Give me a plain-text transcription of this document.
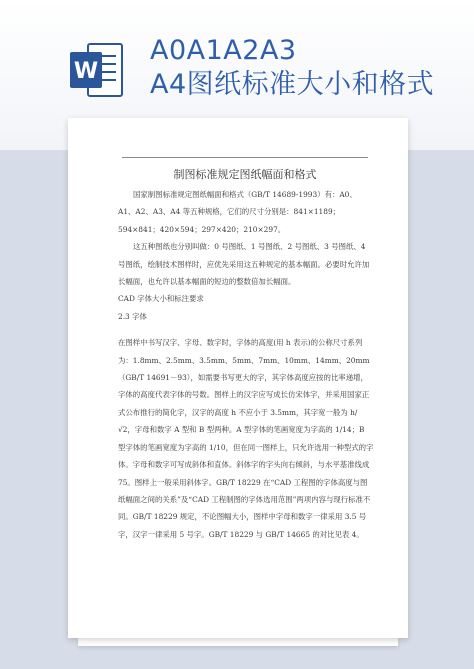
W
A0A1A2A3
A4图纸标准大小和格式
制图标准规定图纸幅面和格式

国家制图标准规定图纸幅面和格式（GB/T 14689-1993）有：A0、A1、A2、A3、A4 等五种规格，它们的尺寸分别是：841×1189；594×841；420×594；297×420；210×297。

这五种图纸也分别叫做：0 号图纸、1 号图纸、2 号图纸、3 号图纸、4 号图纸，绘制技术图样时，应优先采用这五种规定的基本幅面。必要时允许加长幅面，也允许以基本幅面的短边的整数倍加长幅面。

CAD 字体大小和标注要求

2.3 字体

在图样中书写汉字、字母、数字时，字体的高度(用 h 表示)的公称尺寸系列为：1.8mm、2.5mm、3.5mm、5mm、7mm、10mm、14mm、20mm（GB/T 14691－93），如需要书写更大的字，其字体高度应按的比率递增，字体的高度代表字体的号数。图样上的汉字应写成长仿宋体字，并采用国家正式公布推行的简化字，汉字的高度 h 不应小于 3.5mm，其字宽一般为 h/√2，字母和数字 A 型和 B 型两种。A 型字体的笔画宽度为字高的 1/14；B 型字体的笔画宽度为字高的 1/10，但在同一图样上，只允许选用一种型式的字体。字母和数字可写成斜体和直体。斜体字的字头向右倾斜，与水平基准线成 75。图样上一般采用斜体字。GB/T 18229 在“CAD 工程图的字体高度与图纸幅面之间的关系”及“CAD 工程制图的字体选用范围”两项内容与现行标准不同。GB/T 18229 规定，不论图幅大小，图样中字母和数字一律采用 3.5 号字，汉字一律采用 5 号字。GB/T 18229 与 GB/T 14665 的对比见表 4。
